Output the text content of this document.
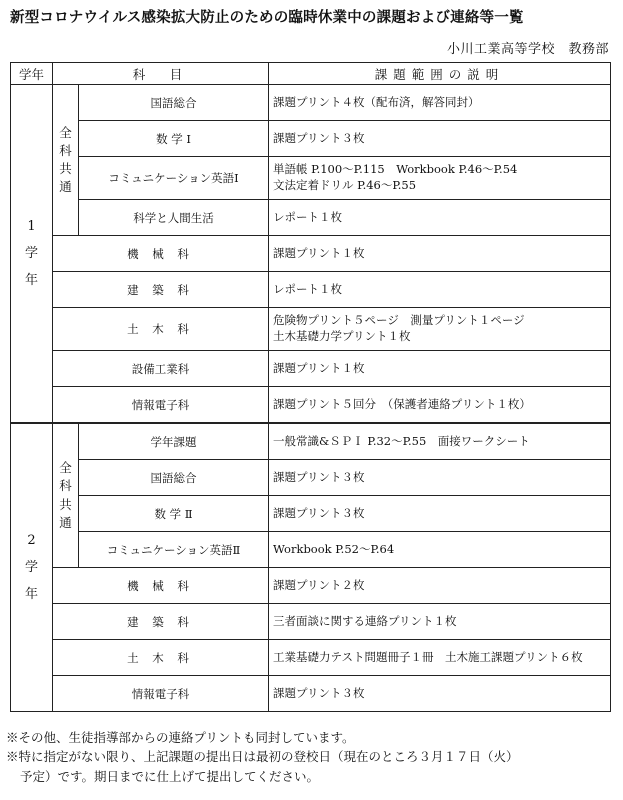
新型コロナウイルス感染拡大防止のための臨時休業中の課題および連絡等一覧
小川工業高等学校　教務部
学年	科　目		課題範囲の説明
1
学
年	全
科
共
通	国語総合	課題プリント４枚（配布済，解答同封）

		数 学 Ⅰ	課題プリント３枚

		コミュニケーション英語Ⅰ	単語帳 P.100～P.115　Workbook P.46～P.54
文法定着ドリル P.46～P.55

		科学と人間生活	レポート１枚

	機 械 科		課題プリント１枚

	建 築 科		レポート１枚

	土 木 科		危険物プリント５ページ　測量プリント１ページ
土木基礎力学プリント１枚

	設備工業科		課題プリント１枚

	情報電子科		課題プリント５回分　（保護者連絡プリント１枚）

2
学
年	全
科
共
通	学年課題	一般常識&ＳＰＩ P.32～P.55　面接ワークシート

		国語総合	課題プリント３枚

		数 学 Ⅱ	課題プリント３枚

		コミュニケーション英語Ⅱ	Workbook P.52～P.64

	機 械 科		課題プリント２枚

	建 築 科		三者面談に関する連絡プリント１枚

	土 木 科		工業基礎力テスト問題冊子１冊　土木施工課題プリント６枚

	情報電子科		課題プリント３枚

※その他、生徒指導部からの連絡プリントも同封しています。

※特に指定がない限り、上記課題の提出日は最初の登校日（現在のところ３月１７日（火）

予定）です。期日までに仕上げて提出してください。
